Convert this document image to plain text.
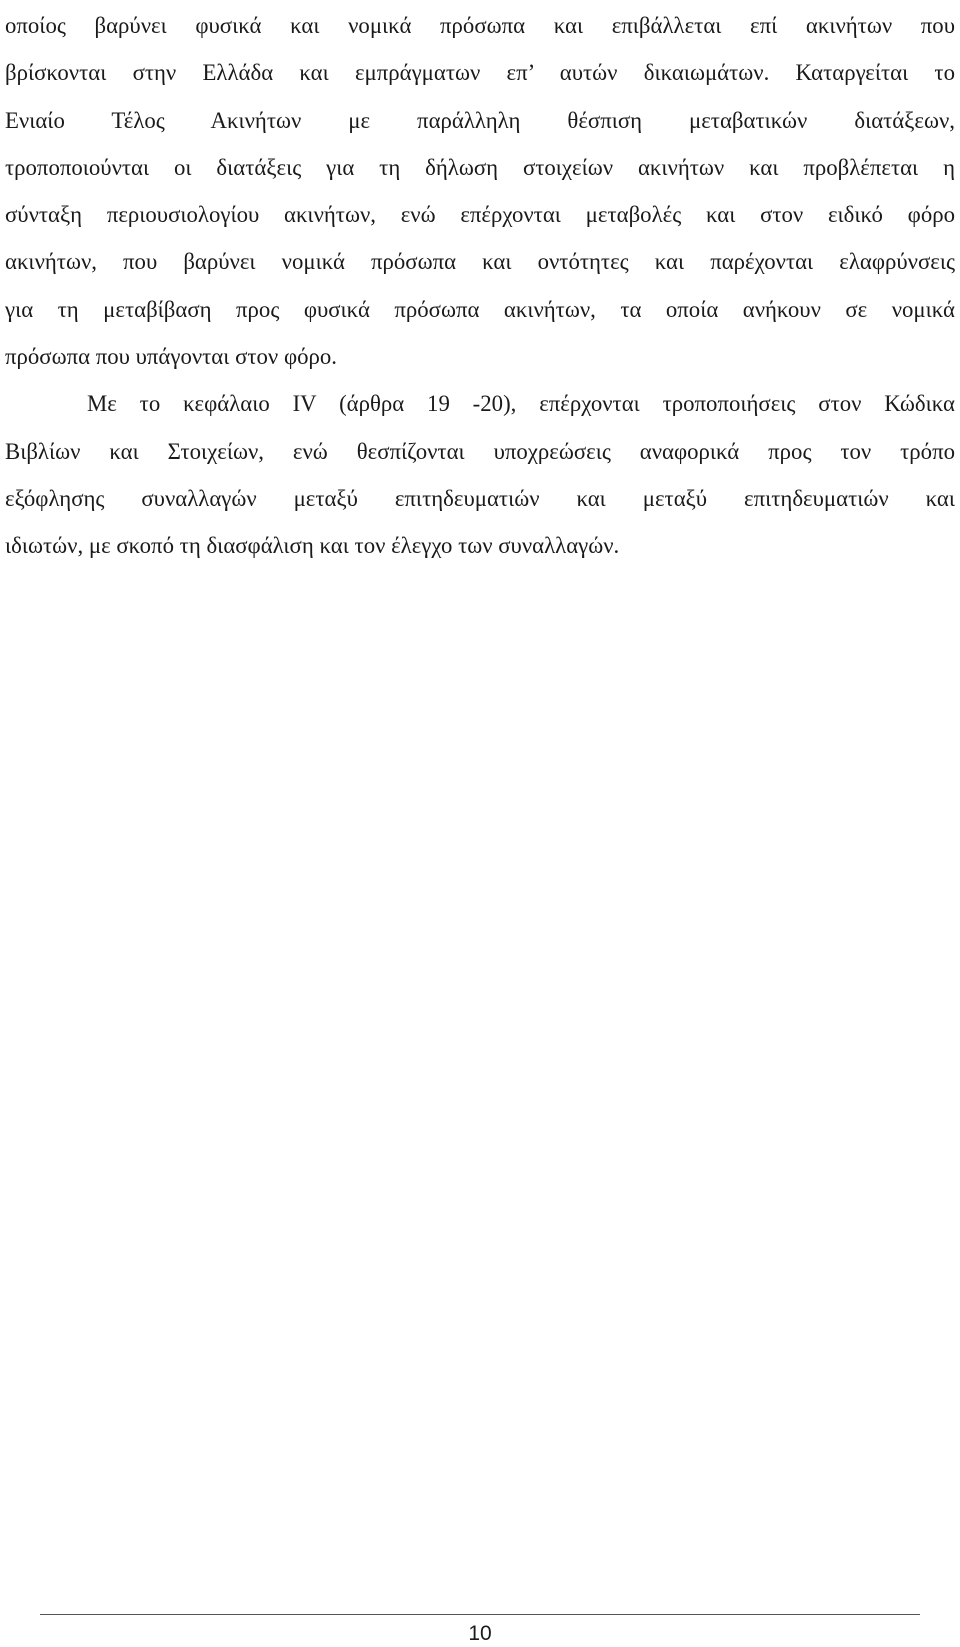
οποίος βαρύνει φυσικά και νομικά πρόσωπα και επιβάλλεται επί ακινήτων που
βρίσκονται στην Ελλάδα και εμπράγματων επ’ αυτών δικαιωμάτων. Καταργείται το
Ενιαίο Τέλος Ακινήτων με παράλληλη θέσπιση μεταβατικών διατάξεων,
τροποποιούνται οι διατάξεις για τη δήλωση στοιχείων ακινήτων και προβλέπεται η
σύνταξη περιουσιολογίου ακινήτων, ενώ επέρχονται μεταβολές και στον ειδικό φόρο
ακινήτων, που βαρύνει νομικά πρόσωπα και οντότητες και παρέχονται ελαφρύνσεις
για τη μεταβίβαση προς φυσικά πρόσωπα ακινήτων, τα οποία ανήκουν σε νομικά
πρόσωπα που υπάγονται στον φόρο.
Με το κεφάλαιο IV (άρθρα 19 -20), επέρχονται τροποποιήσεις στον Κώδικα
Βιβλίων και Στοιχείων, ενώ θεσπίζονται υποχρεώσεις αναφορικά προς τον τρόπο
εξόφλησης συναλλαγών μεταξύ επιτηδευματιών και μεταξύ επιτηδευματιών και
ιδιωτών, με σκοπό τη διασφάλιση και τον έλεγχο των συναλλαγών.
10
